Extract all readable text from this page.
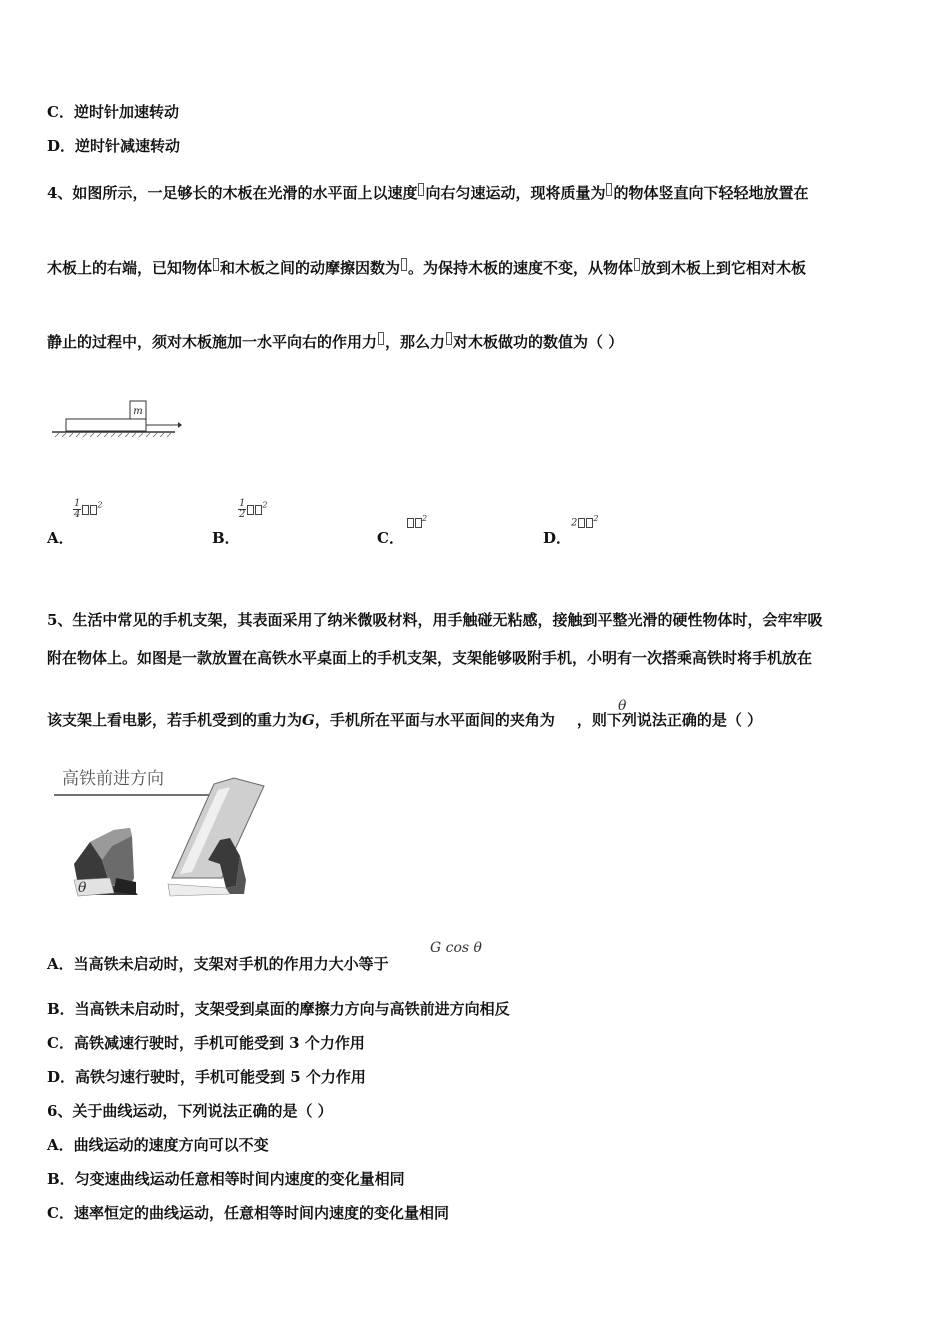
C．逆时针加速转动
D．逆时针减速转动
4、如图所示，一足够长的木板在光滑的水平面上以速度 向右匀速运动，现将质量为 的物体竖直向下轻轻地放置在
木板上的右端，已知物体 和木板之间的动摩擦因数为 。为保持木板的速度不变，从物体 放到木板上到它相对木板
静止的过程中，须对木板施加一水平向右的作用力 ，那么力 对木板做功的数值为（ ）
m
A．
$\frac{1}{4} ^2$
B．
$\frac{1}{2} ^2$
C．
$^2$
D．
2 $^2$
5、生活中常见的手机支架，其表面采用了纳米微吸材料，用手触碰无粘感，接触到平整光滑的硬性物体时，会牢牢吸
附在物体上。如图是一款放置在高铁水平桌面上的手机支架，支架能够吸附手机，小明有一次搭乘高铁时将手机放在
该支架上看电影，若手机受到的重力为G，手机所在平面与水平面间的夹角为 ，则下列说法正确的是（ ）
θ
高铁前进方向
θ
A．当高铁未启动时，支架对手机的作用力大小等于
G cos θ
B．当高铁未启动时，支架受到桌面的摩擦力方向与高铁前进方向相反
C．高铁减速行驶时，手机可能受到 3 个力作用
D．高铁匀速行驶时，手机可能受到 5 个力作用
6、关于曲线运动，下列说法正确的是（ ）
A．曲线运动的速度方向可以不变
B．匀变速曲线运动任意相等时间内速度的变化量相同
C．速率恒定的曲线运动，任意相等时间内速度的变化量相同
